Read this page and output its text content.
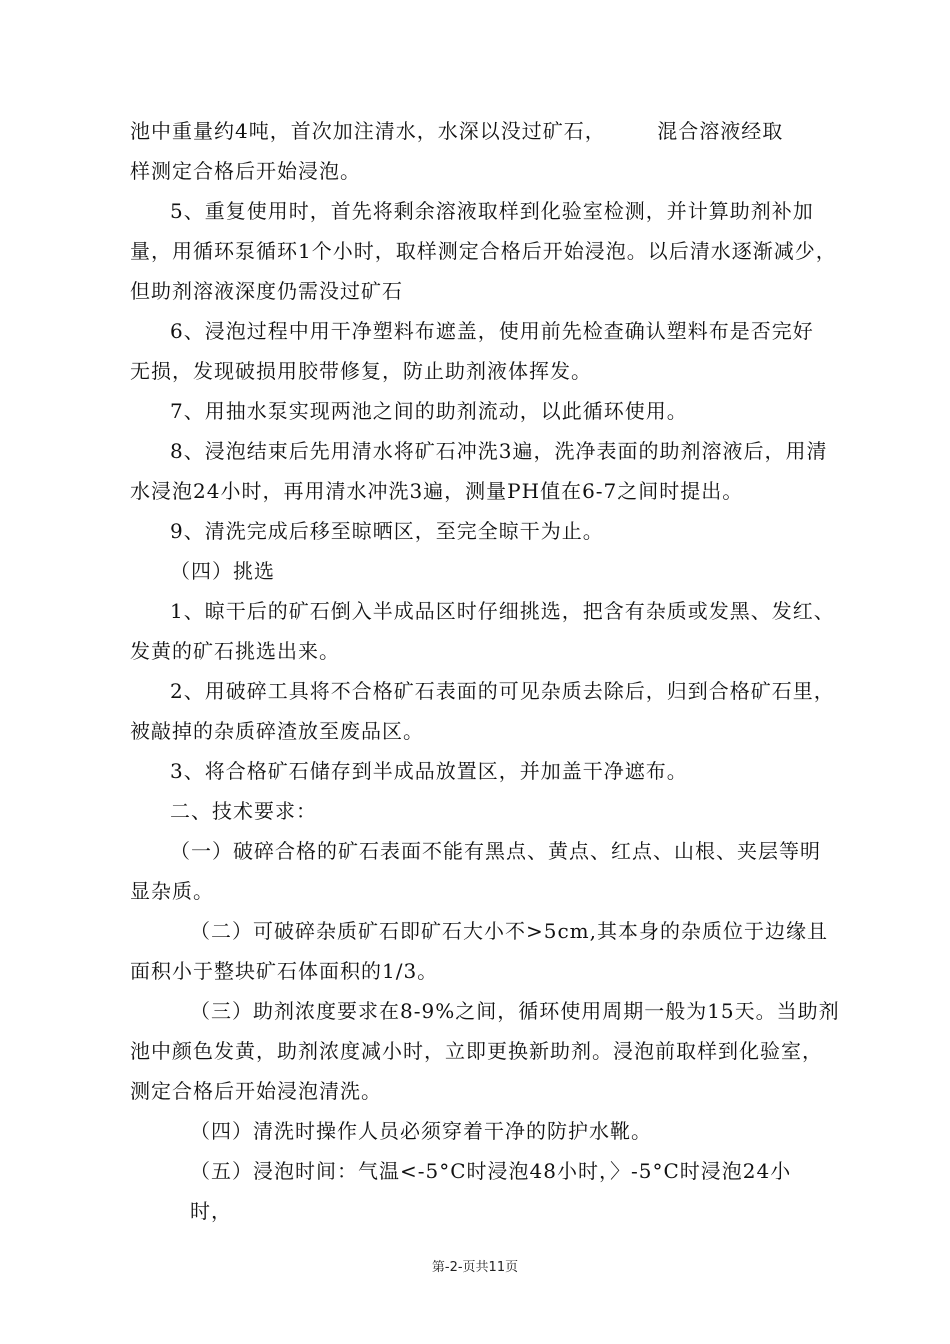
池中重量约4吨，首次加注清水，水深以没过矿石，       混合溶液经取
样测定合格后开始浸泡。
5、重复使用时，首先将剩余溶液取样到化验室检测，并计算助剂补加
量，用循环泵循环1个小时，取样测定合格后开始浸泡。以后清水逐渐减少，
但助剂溶液深度仍需没过矿石
6、浸泡过程中用干净塑料布遮盖，使用前先检查确认塑料布是否完好
无损，发现破损用胶带修复，防止助剂液体挥发。
7、用抽水泵实现两池之间的助剂流动，以此循环使用。
8、浸泡结束后先用清水将矿石冲洗3遍，洗净表面的助剂溶液后，用清
水浸泡24小时，再用清水冲洗3遍，测量PH值在6-7之间时提出。
9、清洗完成后移至晾晒区，至完全晾干为止。
（四）挑选
1、晾干后的矿石倒入半成品区时仔细挑选，把含有杂质或发黑、发红、
发黄的矿石挑选出来。
2、用破碎工具将不合格矿石表面的可见杂质去除后，归到合格矿石里，
被敲掉的杂质碎渣放至废品区。
3、将合格矿石储存到半成品放置区，并加盖干净遮布。
二、技术要求：
（一）破碎合格的矿石表面不能有黑点、黄点、红点、山根、夹层等明
显杂质。
（二）可破碎杂质矿石即矿石大小不>5cm,其本身的杂质位于边缘且
面积小于整块矿石体面积的1/3。
（三）助剂浓度要求在8-9%之间，循环使用周期一般为15天。当助剂
池中颜色发黄，助剂浓度减小时，立即更换新助剂。浸泡前取样到化验室，
测定合格后开始浸泡清洗。
（四）清洗时操作人员必须穿着干净的防护水靴。
（五）浸泡时间：气温<-5°C时浸泡48小时，〉-5°C时浸泡24小
时，
第-2-页共11页
